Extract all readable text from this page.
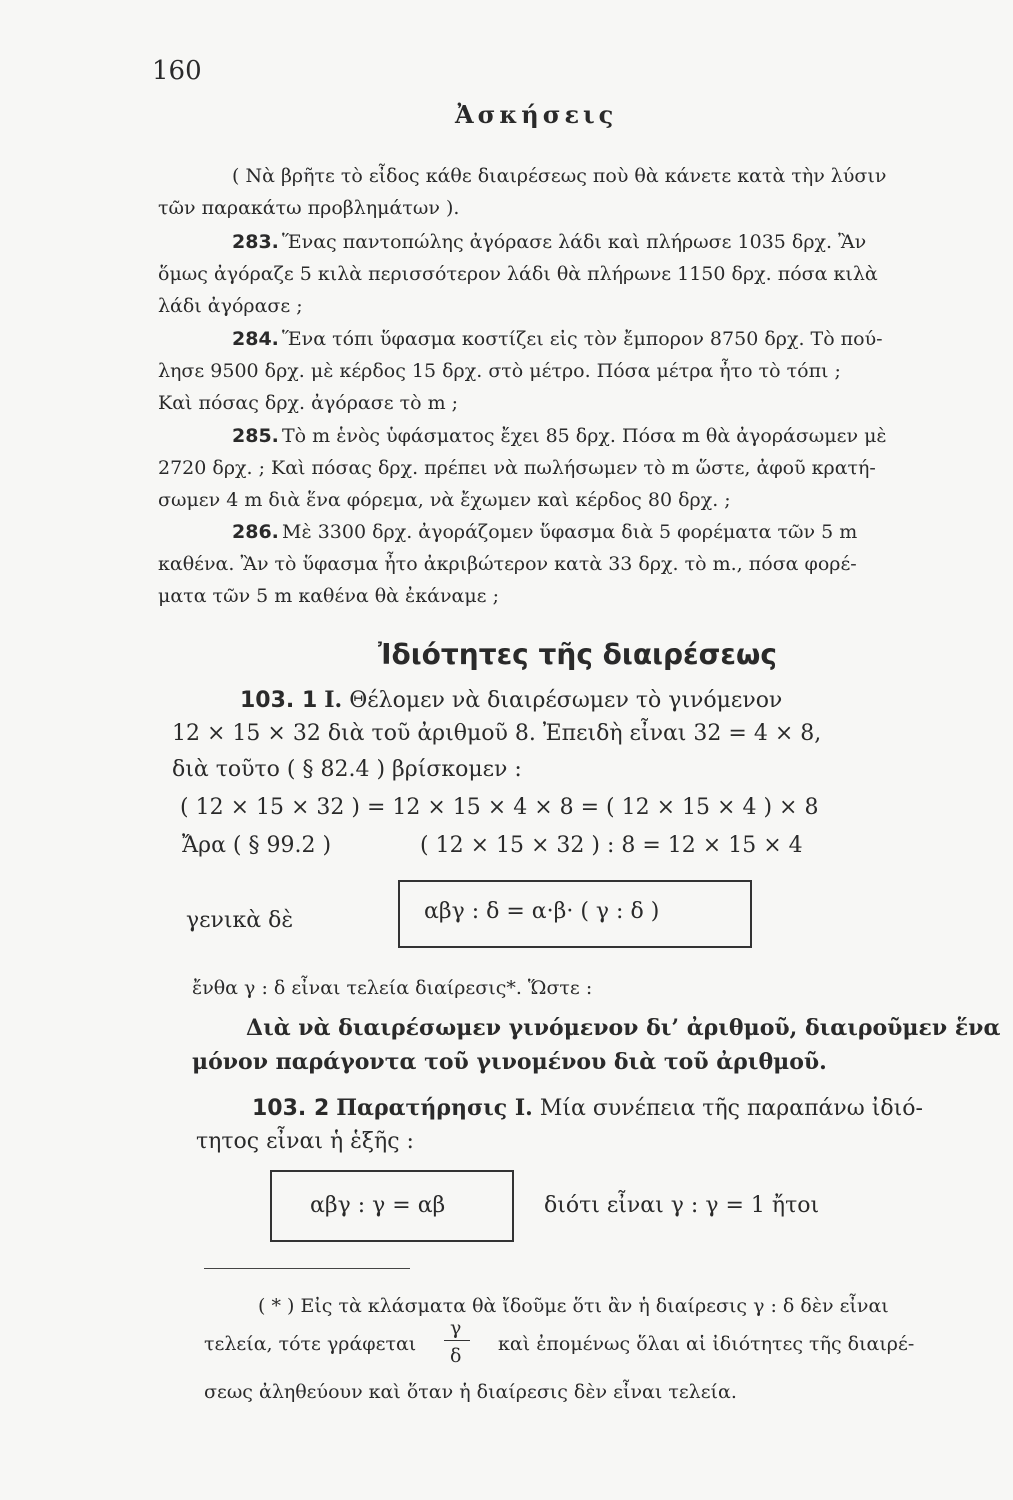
160
Ἀσκήσεις
( Νὰ βρῆτε τὸ εἶδος κάθε διαιρέσεως ποὺ θὰ κάνετε κατὰ τὴν λύσιν
τῶν παρακάτω προβλημάτων ).
283. Ἕνας παντοπώλης ἀγόρασε λάδι καὶ πλήρωσε 1035 δρχ. Ἂν
ὅμως ἀγόραζε 5 κιλὰ περισσότερον λάδι θὰ πλήρωνε 1150 δρχ. πόσα κιλὰ
λάδι ἀγόρασε ;
284. Ἕνα τόπι ὕφασμα κοστίζει εἰς τὸν ἔμπορον 8750 δρχ. Τὸ πού-
λησε 9500 δρχ. μὲ κέρδος 15 δρχ. στὸ μέτρο. Πόσα μέτρα ἦτο τὸ τόπι ;
Καὶ πόσας δρχ. ἀγόρασε τὸ m ;
285. Τὸ m ἑνὸς ὑφάσματος ἔχει 85 δρχ. Πόσα m θὰ ἀγοράσωμεν μὲ
2720 δρχ. ; Καὶ πόσας δρχ. πρέπει νὰ πωλήσωμεν τὸ m ὥστε, ἀφοῦ κρατή-
σωμεν 4 m διὰ ἕνα φόρεμα, νὰ ἔχωμεν καὶ κέρδος 80 δρχ. ;
286. Μὲ 3300 δρχ. ἀγοράζομεν ὕφασμα διὰ 5 φορέματα τῶν 5 m
καθένα. Ἂν τὸ ὕφασμα ἦτο ἀκριβώτερον κατὰ 33 δρχ. τὸ m., πόσα φορέ-
ματα τῶν 5 m καθένα θὰ ἐκάναμε ;
Ἰδιότητες τῆς διαιρέσεως
103. 1 I. Θέλομεν νὰ διαιρέσωμεν τὸ γινόμενον
12 × 15 × 32 διὰ τοῦ ἀριθμοῦ 8. Ἐπειδὴ εἶναι 32 = 4 × 8,
διὰ τοῦτο ( § 82.4 ) βρίσκομεν :
( 12 × 15 × 32 ) = 12 × 15 × 4 × 8 = ( 12 × 15 × 4 ) × 8
Ἄρα ( § 99.2 )	( 12 × 15 × 32 ) : 8 = 12 × 15 × 4
γενικὰ δὲ	αβγ : δ = α·β· ( γ : δ )
ἔνθα γ : δ εἶναι τελεία διαίρεσις*. Ὥστε :
Διὰ νὰ διαιρέσωμεν γινόμενον δι’ ἀριθμοῦ, διαιροῦμεν ἕνα
μόνον παράγοντα τοῦ γινομένου διὰ τοῦ ἀριθμοῦ.
103. 2 Παρατήρησις I. Μία συνέπεια τῆς παραπάνω ἰδιό-
τητος εἶναι ἡ ἑξῆς :
αβγ : γ = αβ	διότι εἶναι γ : γ = 1 ἤτοι
( * ) Εἰς τὰ κλάσματα θὰ ἴδοῦμε ὅτι ἂν ἡ διαίρεσις γ : δ δὲν εἶναι
τελεία, τότε γράφεται
γ
δ
καὶ ἐπομένως ὅλαι αἱ ἰδιότητες τῆς διαιρέ-
σεως ἀληθεύουν καὶ ὅταν ἡ διαίρεσις δὲν εἶναι τελεία.
